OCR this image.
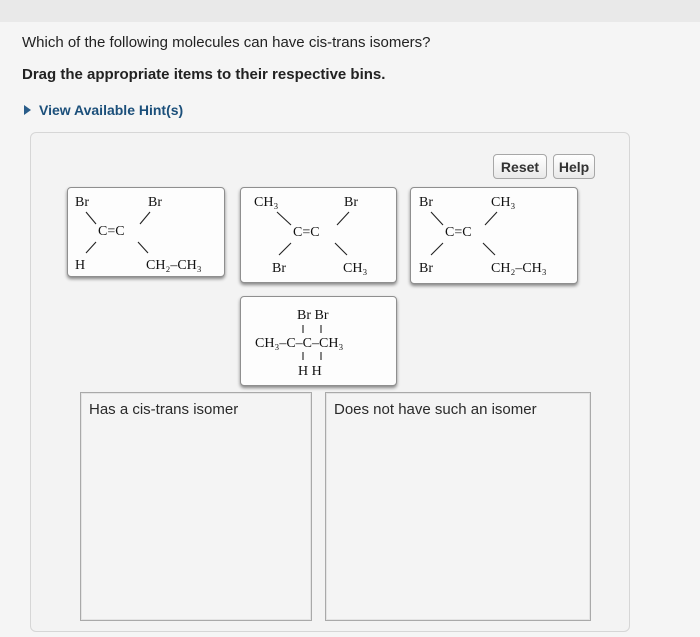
Which of the following molecules can have cis-trans isomers?
Drag the appropriate items to their respective bins.
View Available Hint(s)
Reset	Help
Br	Br
C=C
H	CH₂–CH₃
CH₃	Br
C=C
Br	CH₃
Br	CH₃
C=C
Br	CH₂–CH₃
Br Br
CH₃–C–C–CH₃
H H
Has a cis-trans isomer	Does not have such an isomer
